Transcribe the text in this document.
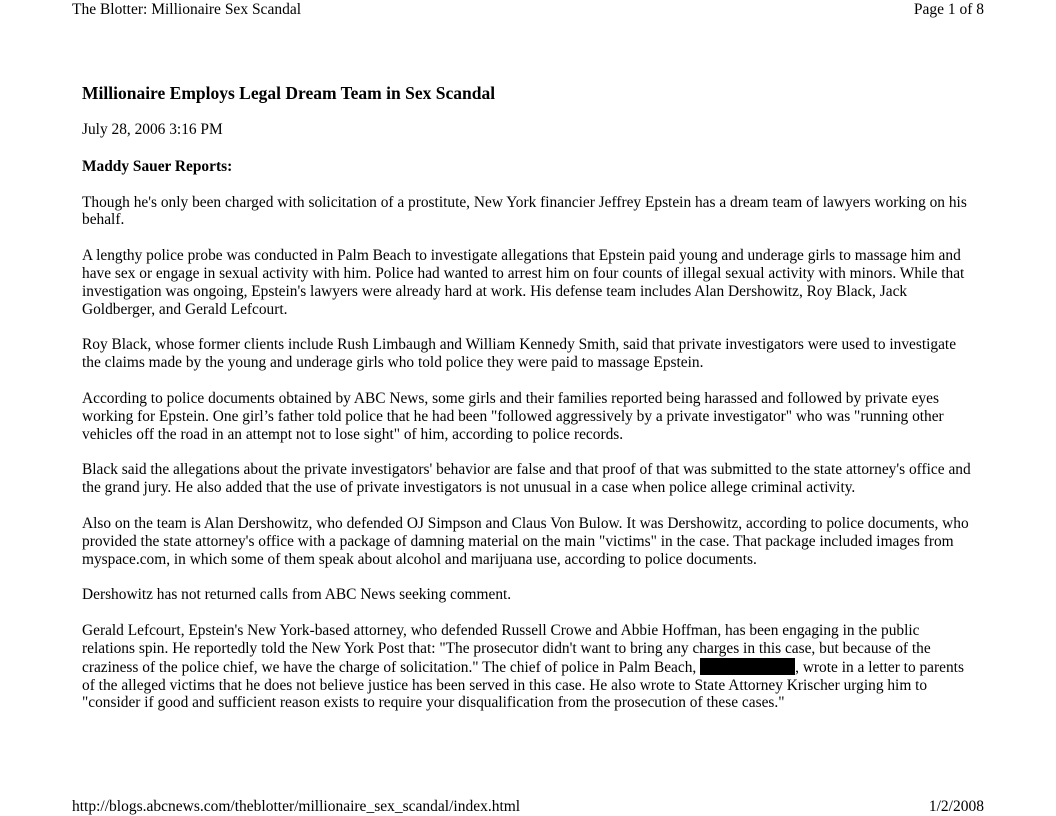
The Blotter: Millionaire Sex Scandal	Page 1 of 8
Millionaire Employs Legal Dream Team in Sex Scandal
July 28, 2006 3:16 PM
Maddy Sauer Reports:

Though he's only been charged with solicitation of a prostitute, New York financier Jeffrey Epstein has a dream team of lawyers working on his behalf.

A lengthy police probe was conducted in Palm Beach to investigate allegations that Epstein paid young and underage girls to massage him and have sex or engage in sexual activity with him. Police had wanted to arrest him on four counts of illegal sexual activity with minors. While that investigation was ongoing, Epstein's lawyers were already hard at work. His defense team includes Alan Dershowitz, Roy Black, Jack Goldberger, and Gerald Lefcourt.

Roy Black, whose former clients include Rush Limbaugh and William Kennedy Smith, said that private investigators were used to investigate the claims made by the young and underage girls who told police they were paid to massage Epstein.

According to police documents obtained by ABC News, some girls and their families reported being harassed and followed by private eyes working for Epstein. One girl’s father told police that he had been "followed aggressively by a private investigator" who was "running other vehicles off the road in an attempt not to lose sight" of him, according to police records.

Black said the allegations about the private investigators' behavior are false and that proof of that was submitted to the state attorney's office and the grand jury. He also added that the use of private investigators is not unusual in a case when police allege criminal activity.

Also on the team is Alan Dershowitz, who defended OJ Simpson and Claus Von Bulow. It was Dershowitz, according to police documents, who provided the state attorney's office with a package of damning material on the main "victims" in the case. That package included images from myspace.com, in which some of them speak about alcohol and marijuana use, according to police documents.

Dershowitz has not returned calls from ABC News seeking comment.

Gerald Lefcourt, Epstein's New York-based attorney, who defended Russell Crowe and Abbie Hoffman, has been engaging in the public relations spin. He reportedly told the New York Post that: "The prosecutor didn't want to bring any charges in this case, but because of the craziness of the police chief, we have the charge of solicitation." The chief of police in Palm Beach,	, wrote in a letter to parents of the alleged victims that he does not believe justice has been served in this case. He also wrote to State Attorney Krischer urging him to "consider if good and sufficient reason exists to require your disqualification from the prosecution of these cases."

http://blogs.abcnews.com/theblotter/millionaire_sex_scandal/index.html	1/2/2008
